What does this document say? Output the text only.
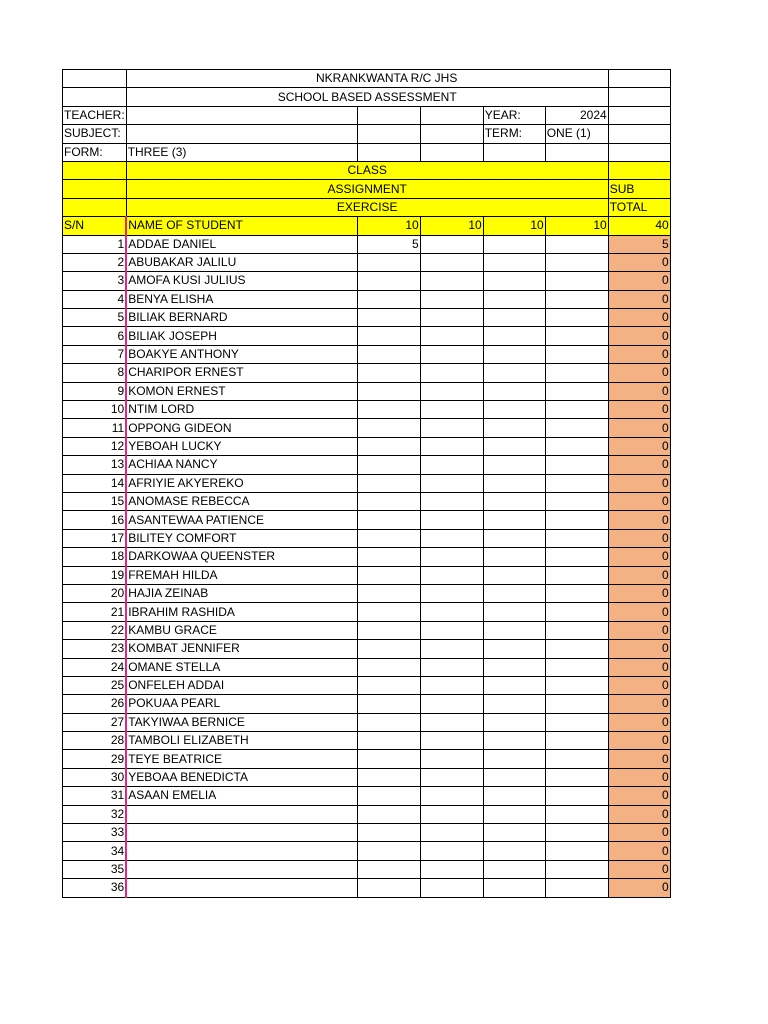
	NKRANKWANTA R/C JHS					
	SCHOOL BASED ASSESSMENT					
TEACHER:				YEAR:	2024	
SUBJECT:				TERM:	ONE (1)	
FORM:	THREE (3)					
	CLASS					
	ASSIGNMENT					SUB
	EXERCISE					TOTAL
S/N	NAME OF STUDENT	10	10	10	10	40
1	ADDAE DANIEL	5				5
2	ABUBAKAR JALILU					0
3	AMOFA KUSI JULIUS					0
4	BENYA ELISHA					0
5	BILIAK BERNARD					0
6	BILIAK JOSEPH					0
7	BOAKYE ANTHONY					0
8	CHARIPOR ERNEST					0
9	KOMON ERNEST					0
10	NTIM LORD					0
11	OPPONG GIDEON					0
12	YEBOAH LUCKY					0
13	ACHIAA NANCY					0
14	AFRIYIE AKYEREKO					0
15	ANOMASE REBECCA					0
16	ASANTEWAA PATIENCE					0
17	BILITEY COMFORT					0
18	DARKOWAA QUEENSTER					0
19	FREMAH HILDA					0
20	HAJIA ZEINAB					0
21	IBRAHIM RASHIDA					0
22	KAMBU GRACE					0
23	KOMBAT JENNIFER					0
24	OMANE STELLA					0
25	ONFELEH ADDAI					0
26	POKUAA PEARL					0
27	TAKYIWAA BERNICE					0
28	TAMBOLI ELIZABETH					0
29	TEYE BEATRICE					0
30	YEBOAA BENEDICTA					0
31	ASAAN EMELIA					0
32						0
33						0
34						0
35						0
36						0
